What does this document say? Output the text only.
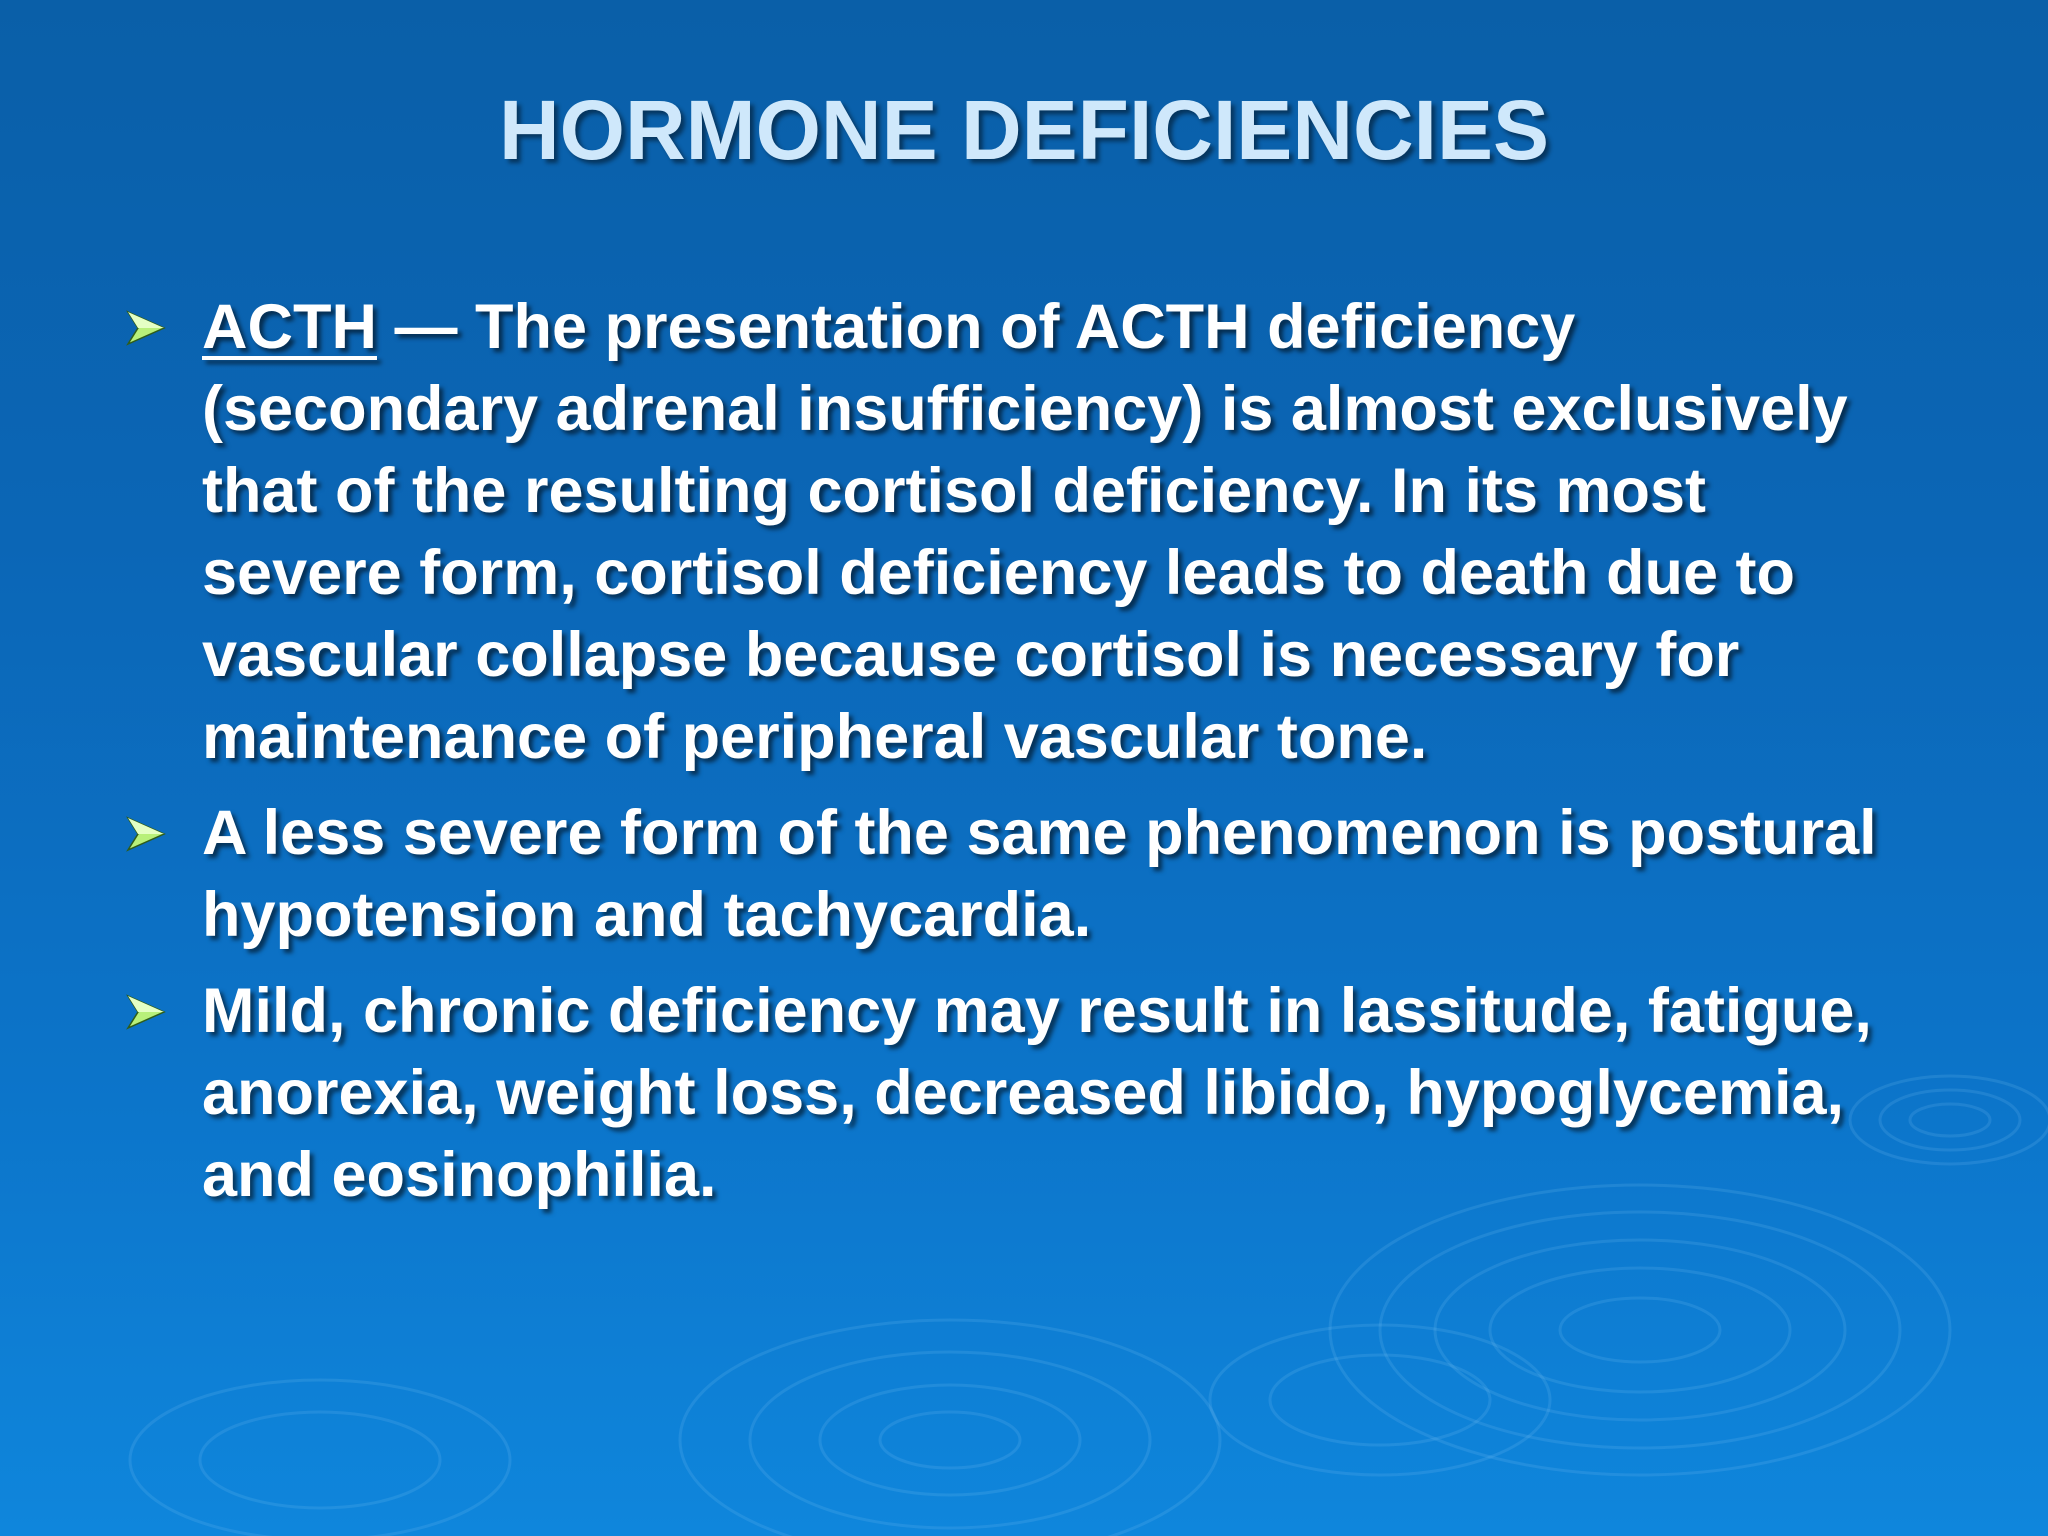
HORMONE DEFICIENCIES
ACTH — The presentation of ACTH deficiency (secondary adrenal insufficiency) is almost exclusively that of the resulting cortisol deficiency. In its most severe form, cortisol deficiency leads to death due to vascular collapse because cortisol is necessary for maintenance of peripheral vascular tone.
A less severe form of the same phenomenon is postural hypotension and tachycardia.
Mild, chronic deficiency may result in lassitude, fatigue, anorexia, weight loss, decreased libido, hypoglycemia, and eosinophilia.
